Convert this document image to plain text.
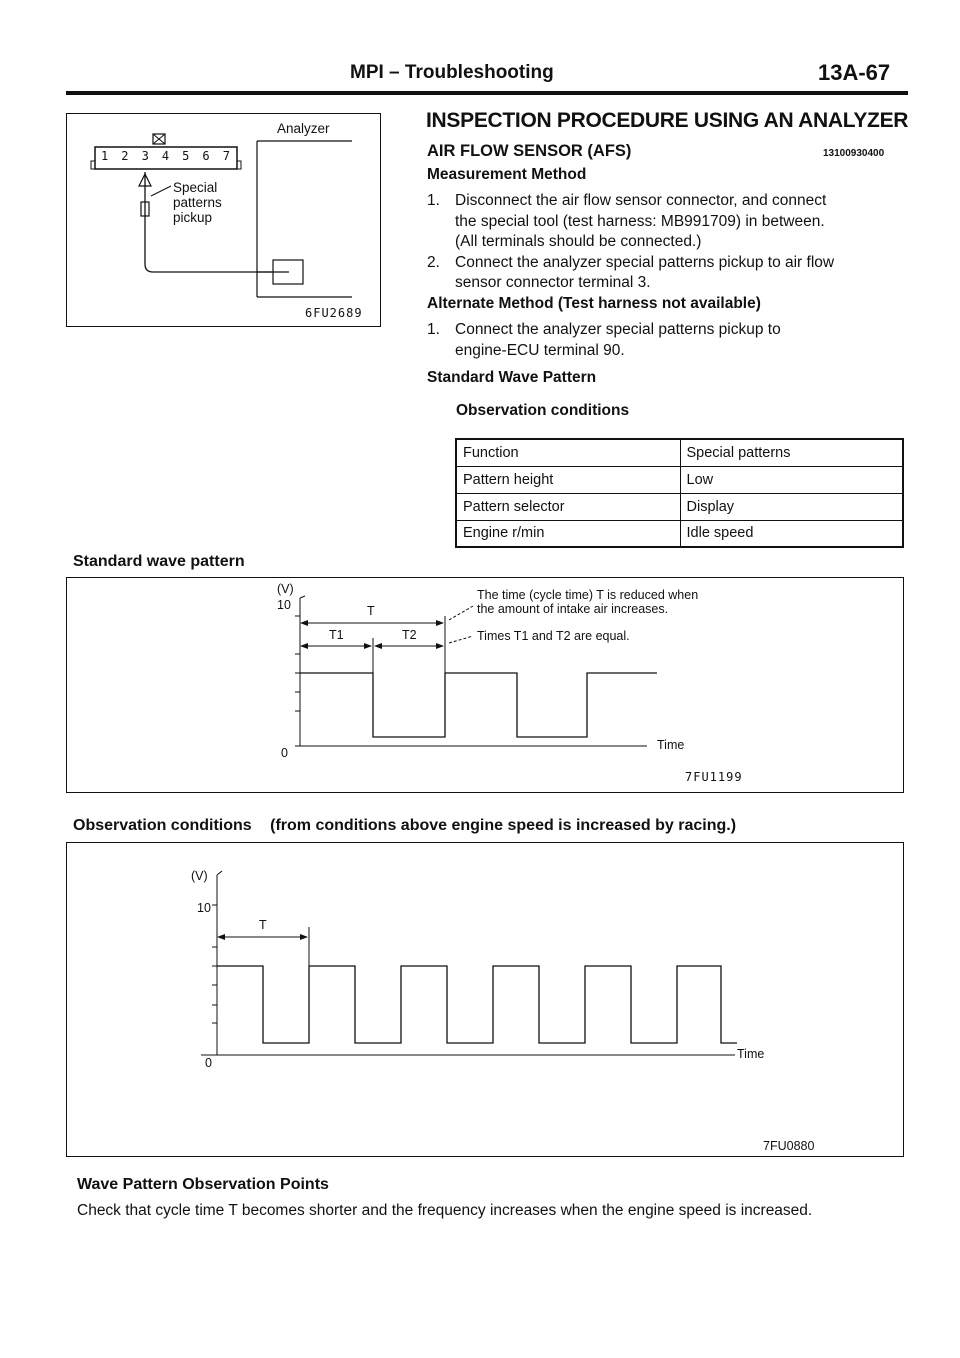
MPI – Troubleshooting	13A-67
Analyzer
1 2 3 4 5 6 7
Special
patterns
pickup
6FU2689
INSPECTION PROCEDURE USING AN ANALYZER
AIR FLOW SENSOR (AFS)	13100930400
Measurement Method
1. Disconnect the air flow sensor connector, and connect
the special tool (test harness: MB991709) in between.
(All terminals should be connected.)
2. Connect the analyzer special patterns pickup to air flow
sensor connector terminal 3.
Alternate Method (Test harness not available)
1. Connect the analyzer special patterns pickup to
engine-ECU terminal 90.
Standard Wave Pattern
Observation conditions
Function	Special patterns
Pattern height	Low
Pattern selector	Display
Engine r/min	Idle speed
Standard wave pattern
(V)
10
0
T
T1	T2
The time (cycle time) T is reduced when
the amount of intake air increases.
Times T1 and T2 are equal.
Time
7FU1199
Observation conditions (from conditions above engine speed is increased by racing.)
(V)
10
0
T
Time
7FU0880
Wave Pattern Observation Points
Check that cycle time T becomes shorter and the frequency increases when the engine speed is increased.
